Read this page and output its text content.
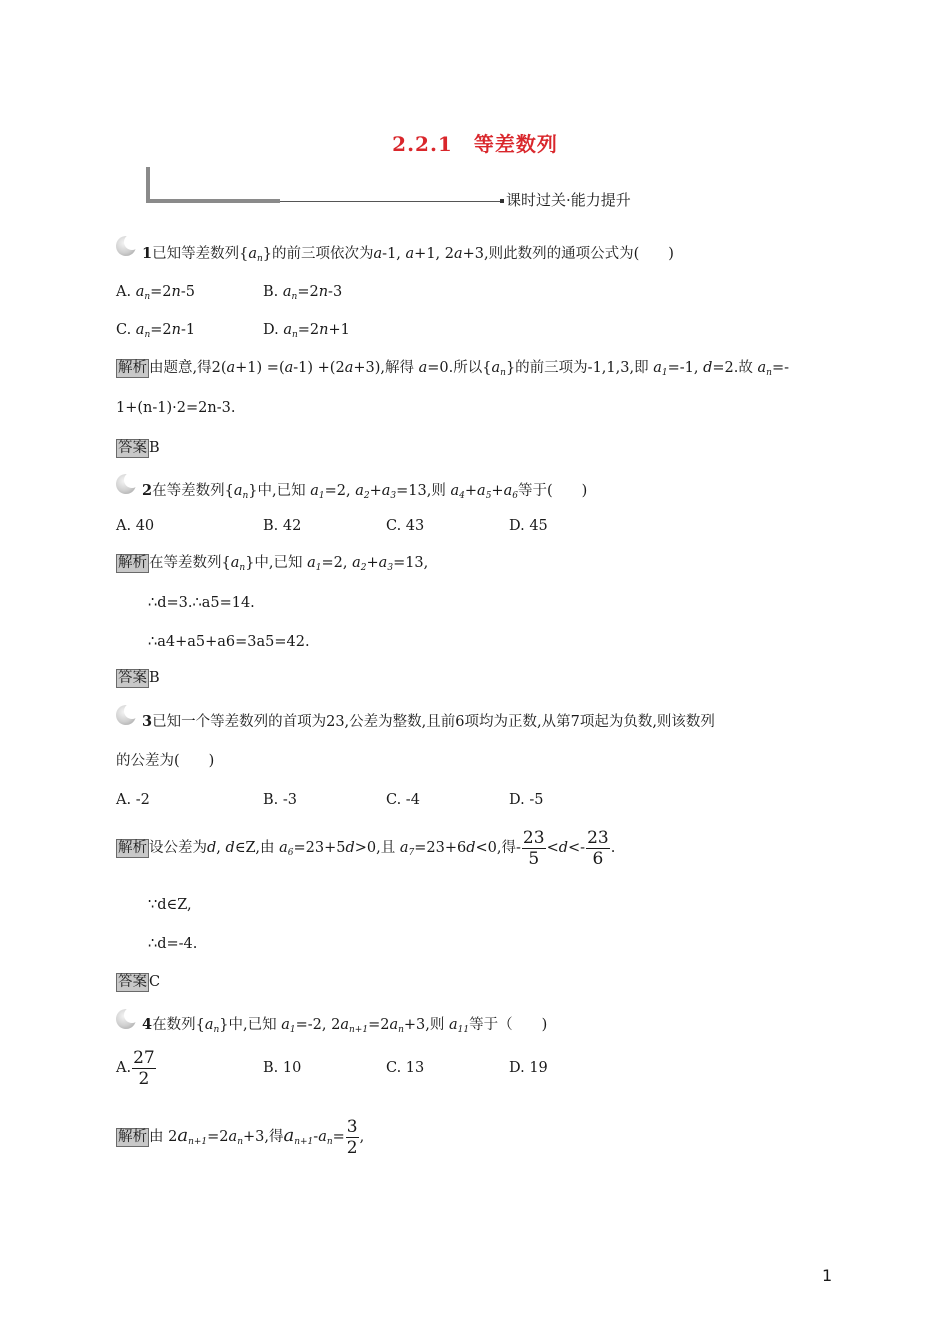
2.2.1　等差数列
课时过关·能力提升
1已知等差数列$\{a_n\}$的前三项依次为a-1, a+1, 2a+3,则此数列的通项公式为(　　)
A. $a_n=2n-5$	B. $a_n=2n-3$
C. $a_n=2n-1$	D. $a_n=2n+1$
解析 由题意,得2(a+1) =(a-1) +(2a+3),解得 a=0.所以$\{a_n\}$的前三项为-1,1,3,即 $a_1=-1$, d=2.故 $a_n=-$
1+(n-1)·2=2n-3.
答案 B
2在等差数列$\{a_n\}$中,已知 $a_1=2$, $a_2+a_3=13$,则 $a_4+a_5+a_6$等于(　　)
A. 40	B. 42	C. 43	D. 45
解析 在等差数列$\{a_n\}$中,已知 $a_1=2$, $a_2+a_3=13$,
∴d=3.∴a5=14.
∴a4+a5+a6=3a5=42.
答案 B
3已知一个等差数列的首项为23,公差为整数,且前6项均为正数,从第7项起为负数,则该数列
的公差为(　　)
A. -2	B. -3	C. -4	D. -5
解析 设公差为d, d∈Z,由 $a_6=23+5d>0$,且 $a_7=23+6d<0$,得- $\frac{23}{5} <d<- \frac{23}{6}$ .
∵d∈Z,
∴d=-4.
答案 C
4在数列$\{a_n\}$中,已知 $a_1=-2$, $2a_{n+1}=2a_n+3$,则 $a_{11}$等于（　　)
A. $\frac{27}{2}$	B. 10	C. 13	D. 19
解析 由 $2a_{n+1}=2a_n+3$,得$a_{n+1}-a_n= \frac{3}{2}$ ,
1
